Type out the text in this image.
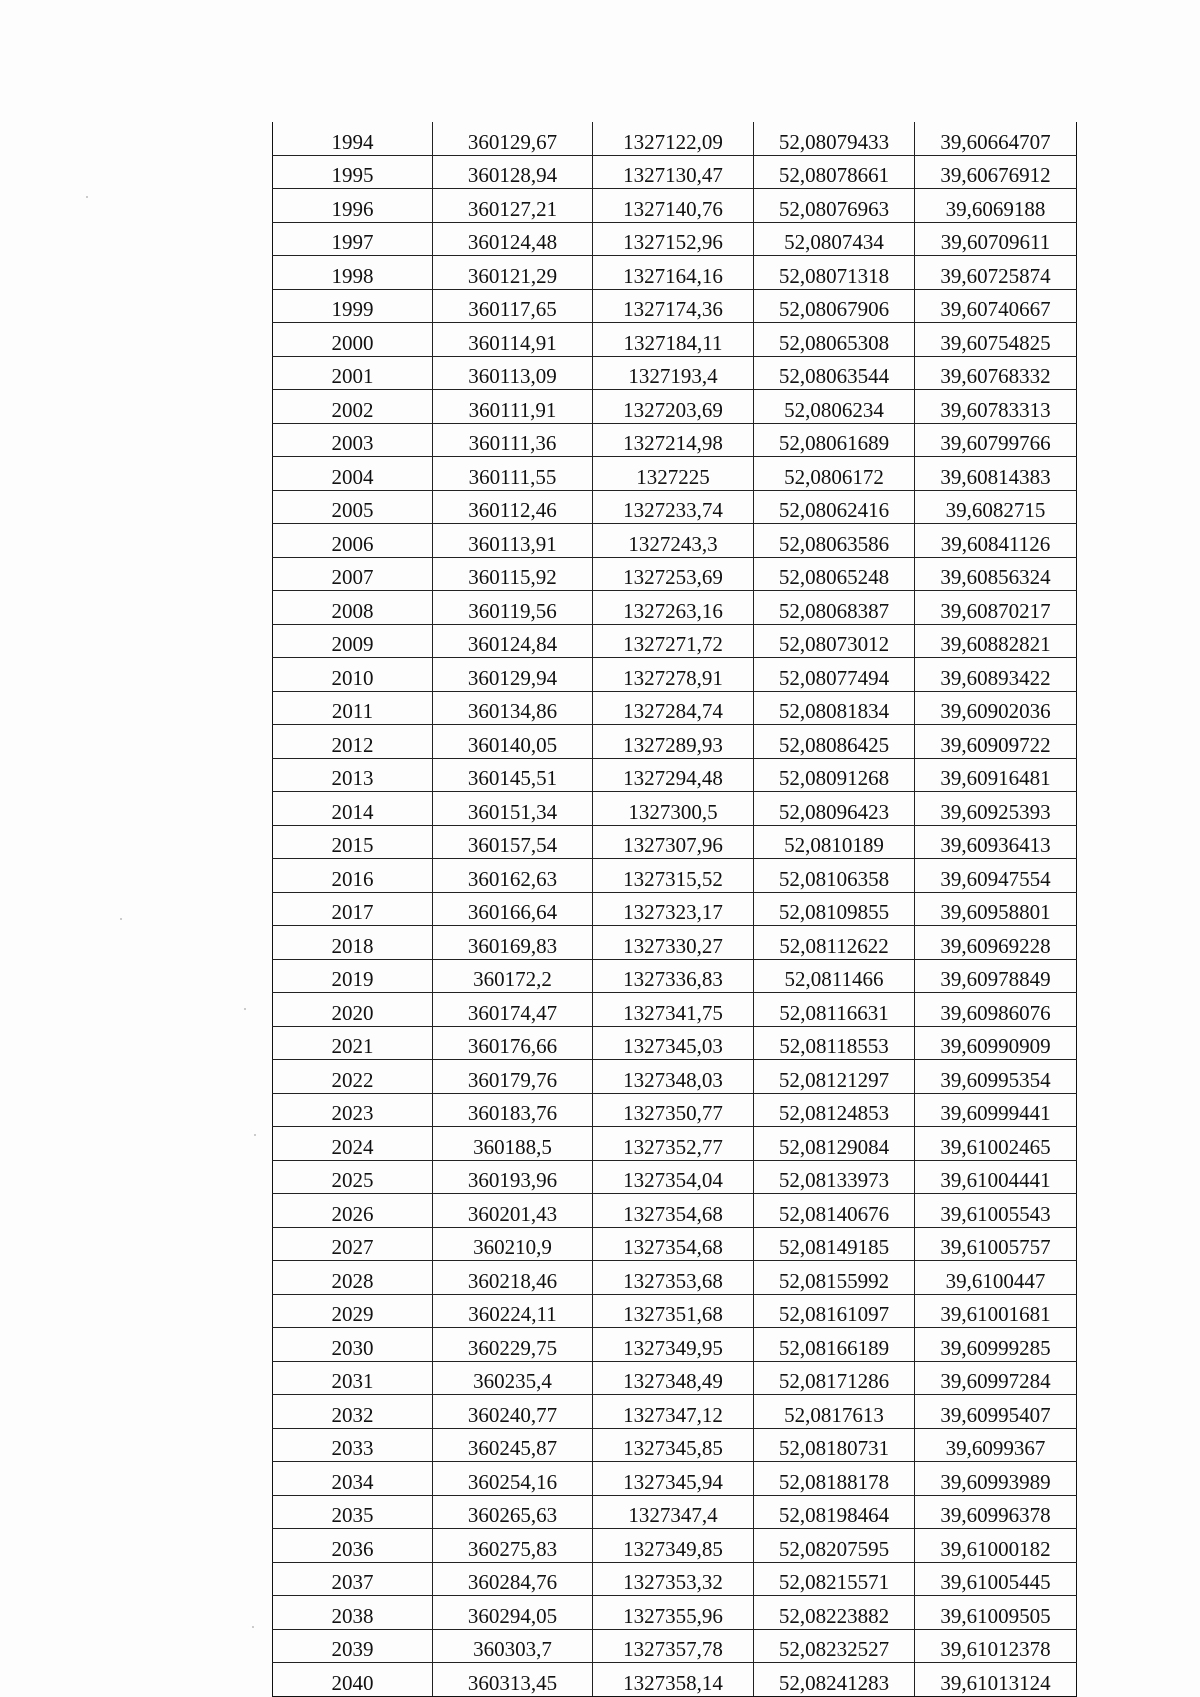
1994	360129,67	1327122,09	52,08079433	39,60664707
1995	360128,94	1327130,47	52,08078661	39,60676912
1996	360127,21	1327140,76	52,08076963	39,6069188
1997	360124,48	1327152,96	52,0807434	39,60709611
1998	360121,29	1327164,16	52,08071318	39,60725874
1999	360117,65	1327174,36	52,08067906	39,60740667
2000	360114,91	1327184,11	52,08065308	39,60754825
2001	360113,09	1327193,4	52,08063544	39,60768332
2002	360111,91	1327203,69	52,0806234	39,60783313
2003	360111,36	1327214,98	52,08061689	39,60799766
2004	360111,55	1327225	52,0806172	39,60814383
2005	360112,46	1327233,74	52,08062416	39,6082715
2006	360113,91	1327243,3	52,08063586	39,60841126
2007	360115,92	1327253,69	52,08065248	39,60856324
2008	360119,56	1327263,16	52,08068387	39,60870217
2009	360124,84	1327271,72	52,08073012	39,60882821
2010	360129,94	1327278,91	52,08077494	39,60893422
2011	360134,86	1327284,74	52,08081834	39,60902036
2012	360140,05	1327289,93	52,08086425	39,60909722
2013	360145,51	1327294,48	52,08091268	39,60916481
2014	360151,34	1327300,5	52,08096423	39,60925393
2015	360157,54	1327307,96	52,0810189	39,60936413
2016	360162,63	1327315,52	52,08106358	39,60947554
2017	360166,64	1327323,17	52,08109855	39,60958801
2018	360169,83	1327330,27	52,08112622	39,60969228
2019	360172,2	1327336,83	52,0811466	39,60978849
2020	360174,47	1327341,75	52,08116631	39,60986076
2021	360176,66	1327345,03	52,08118553	39,60990909
2022	360179,76	1327348,03	52,08121297	39,60995354
2023	360183,76	1327350,77	52,08124853	39,60999441
2024	360188,5	1327352,77	52,08129084	39,61002465
2025	360193,96	1327354,04	52,08133973	39,61004441
2026	360201,43	1327354,68	52,08140676	39,61005543
2027	360210,9	1327354,68	52,08149185	39,61005757
2028	360218,46	1327353,68	52,08155992	39,6100447
2029	360224,11	1327351,68	52,08161097	39,61001681
2030	360229,75	1327349,95	52,08166189	39,60999285
2031	360235,4	1327348,49	52,08171286	39,60997284
2032	360240,77	1327347,12	52,0817613	39,60995407
2033	360245,87	1327345,85	52,08180731	39,6099367
2034	360254,16	1327345,94	52,08188178	39,60993989
2035	360265,63	1327347,4	52,08198464	39,60996378
2036	360275,83	1327349,85	52,08207595	39,61000182
2037	360284,76	1327353,32	52,08215571	39,61005445
2038	360294,05	1327355,96	52,08223882	39,61009505
2039	360303,7	1327357,78	52,08232527	39,61012378
2040	360313,45	1327358,14	52,08241283	39,61013124
